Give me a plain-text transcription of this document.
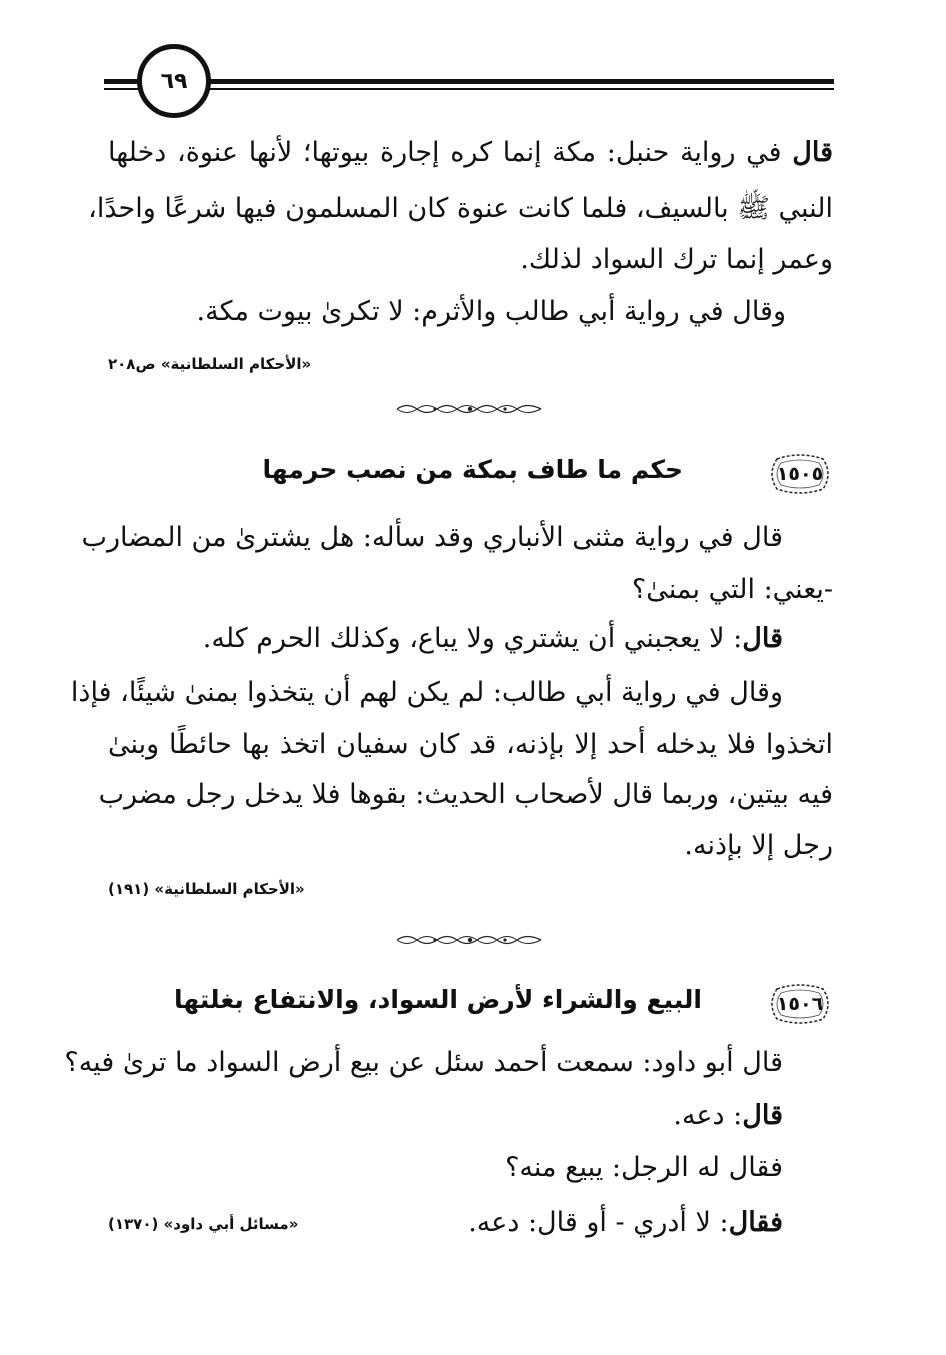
٦٩
قال في رواية حنبل: مكة إنما كره إجارة بيوتها؛ لأنها عنوة، دخلها
النبي ﷺ بالسيف، فلما كانت عنوة كان المسلمون فيها شرعًا واحدًا،
وعمر إنما ترك السواد لذلك.
وقال في رواية أبي طالب والأثرم: لا تكرىٰ بيوت مكة.
«الأحكام السلطانية» ص٢٠٨
١٥٠٥
حكم ما طاف بمكة من نصب حرمها
قال في رواية مثنى الأنباري وقد سأله: هل يشترىٰ من المضارب
-يعني: التي بمنىٰ؟
قال: لا يعجبني أن يشتري ولا يباع، وكذلك الحرم كله.
وقال في رواية أبي طالب: لم يكن لهم أن يتخذوا بمنىٰ شيئًا، فإذا
اتخذوا فلا يدخله أحد إلا بإذنه، قد كان سفيان اتخذ بها حائطًا وبنىٰ
فيه بيتين، وربما قال لأصحاب الحديث: بقوها فلا يدخل رجل مضرب
رجل إلا بإذنه.
«الأحكام السلطانية» (١٩١)
١٥٠٦
البيع والشراء لأرض السواد، والانتفاع بغلتها
قال أبو داود: سمعت أحمد سئل عن بيع أرض السواد ما ترىٰ فيه؟
قال: دعه.
فقال له الرجل: يبيع منه؟
فقال: لا أدري - أو قال: دعه.
«مسائل أبي داود» (١٣٧٠)
